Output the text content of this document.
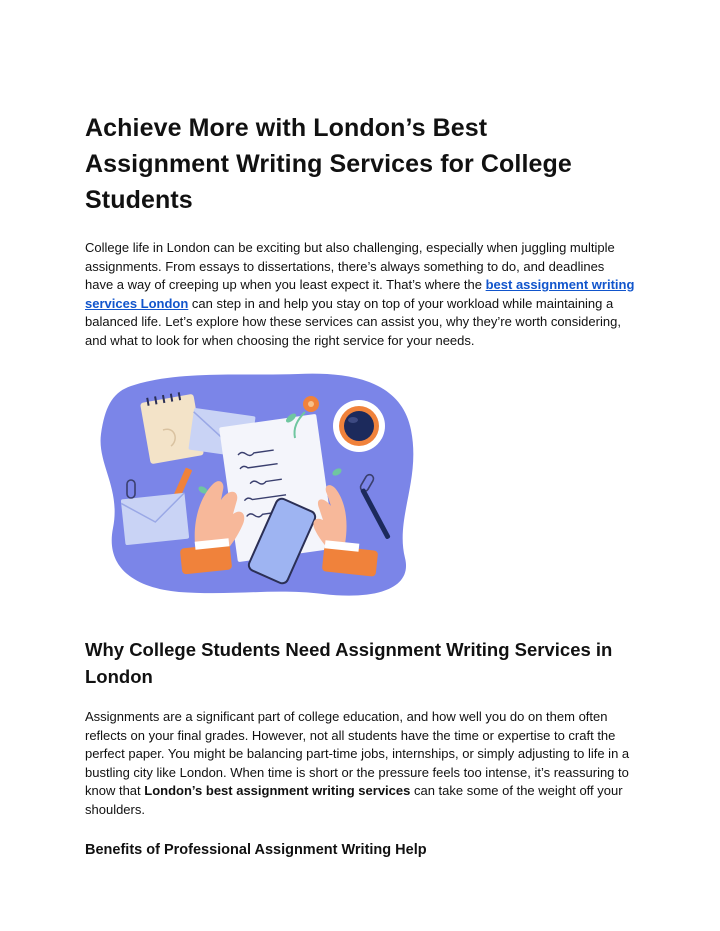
Achieve More with London’s Best Assignment Writing Services for College Students

College life in London can be exciting but also challenging, especially when juggling multiple assignments. From essays to dissertations, there’s always something to do, and deadlines have a way of creeping up when you least expect it. That’s where the best assignment writing services London can step in and help you stay on top of your workload while maintaining a balanced life. Let’s explore how these services can assist you, why they’re worth considering, and what to look for when choosing the right service for your needs.

Why College Students Need Assignment Writing Services in London

Assignments are a significant part of college education, and how well you do on them often reflects on your final grades. However, not all students have the time or expertise to craft the perfect paper. You might be balancing part-time jobs, internships, or simply adjusting to life in a bustling city like London. When time is short or the pressure feels too intense, it’s reassuring to know that London’s best assignment writing services can take some of the weight off your shoulders.

Benefits of Professional Assignment Writing Help
